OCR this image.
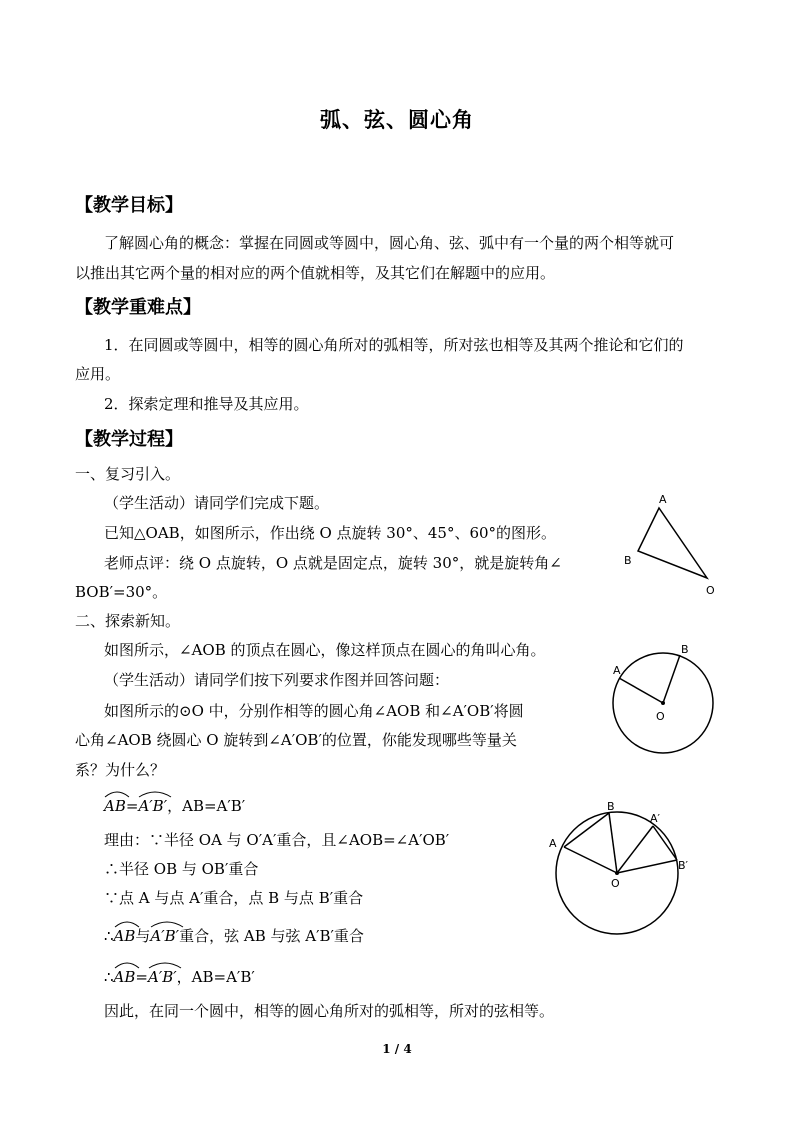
弧、弦、圆心角
【教学目标】
了解圆心角的概念：掌握在同圆或等圆中，圆心角、弦、弧中有一个量的两个相等就可
以推出其它两个量的相对应的两个值就相等，及其它们在解题中的应用。
【教学重难点】
1．在同圆或等圆中，相等的圆心角所对的弧相等，所对弦也相等及其两个推论和它们的
应用。
2．探索定理和推导及其应用。
【教学过程】
一、复习引入。
（学生活动）请同学们完成下题。
已知△OAB，如图所示，作出绕 O 点旋转 30°、45°、60°的图形。
老师点评：绕 O 点旋转，O 点就是固定点，旋转 30°，就是旋转角∠
BOB′=30°。
二、探索新知。
如图所示，∠AOB 的顶点在圆心，像这样顶点在圆心的角叫心角。
（学生活动）请同学们按下列要求作图并回答问题：
如图所示的⊙O 中，分别作相等的圆心角∠AOB 和∠A′OB′将圆
心角∠AOB 绕圆心 O 旋转到∠A′OB′的位置，你能发现哪些等量关
系？为什么？
AB=
A′B′，AB=A′B′
理由：∵半径 OA 与 O′A′重合，且∠AOB=∠A′OB′
∴半径 OB 与 OB′重合
∵点 A 与点 A′重合，点 B 与点 B′重合
∴
AB与
A′B′重合，弦 AB 与弦 A′B′重合
∴
AB=
A′B′，AB=A′B′
因此，在同一个圆中，相等的圆心角所对的弧相等，所对的弦相等。
A
B
O
A
B
O
A
B
A′
B′
O
1 / 4
